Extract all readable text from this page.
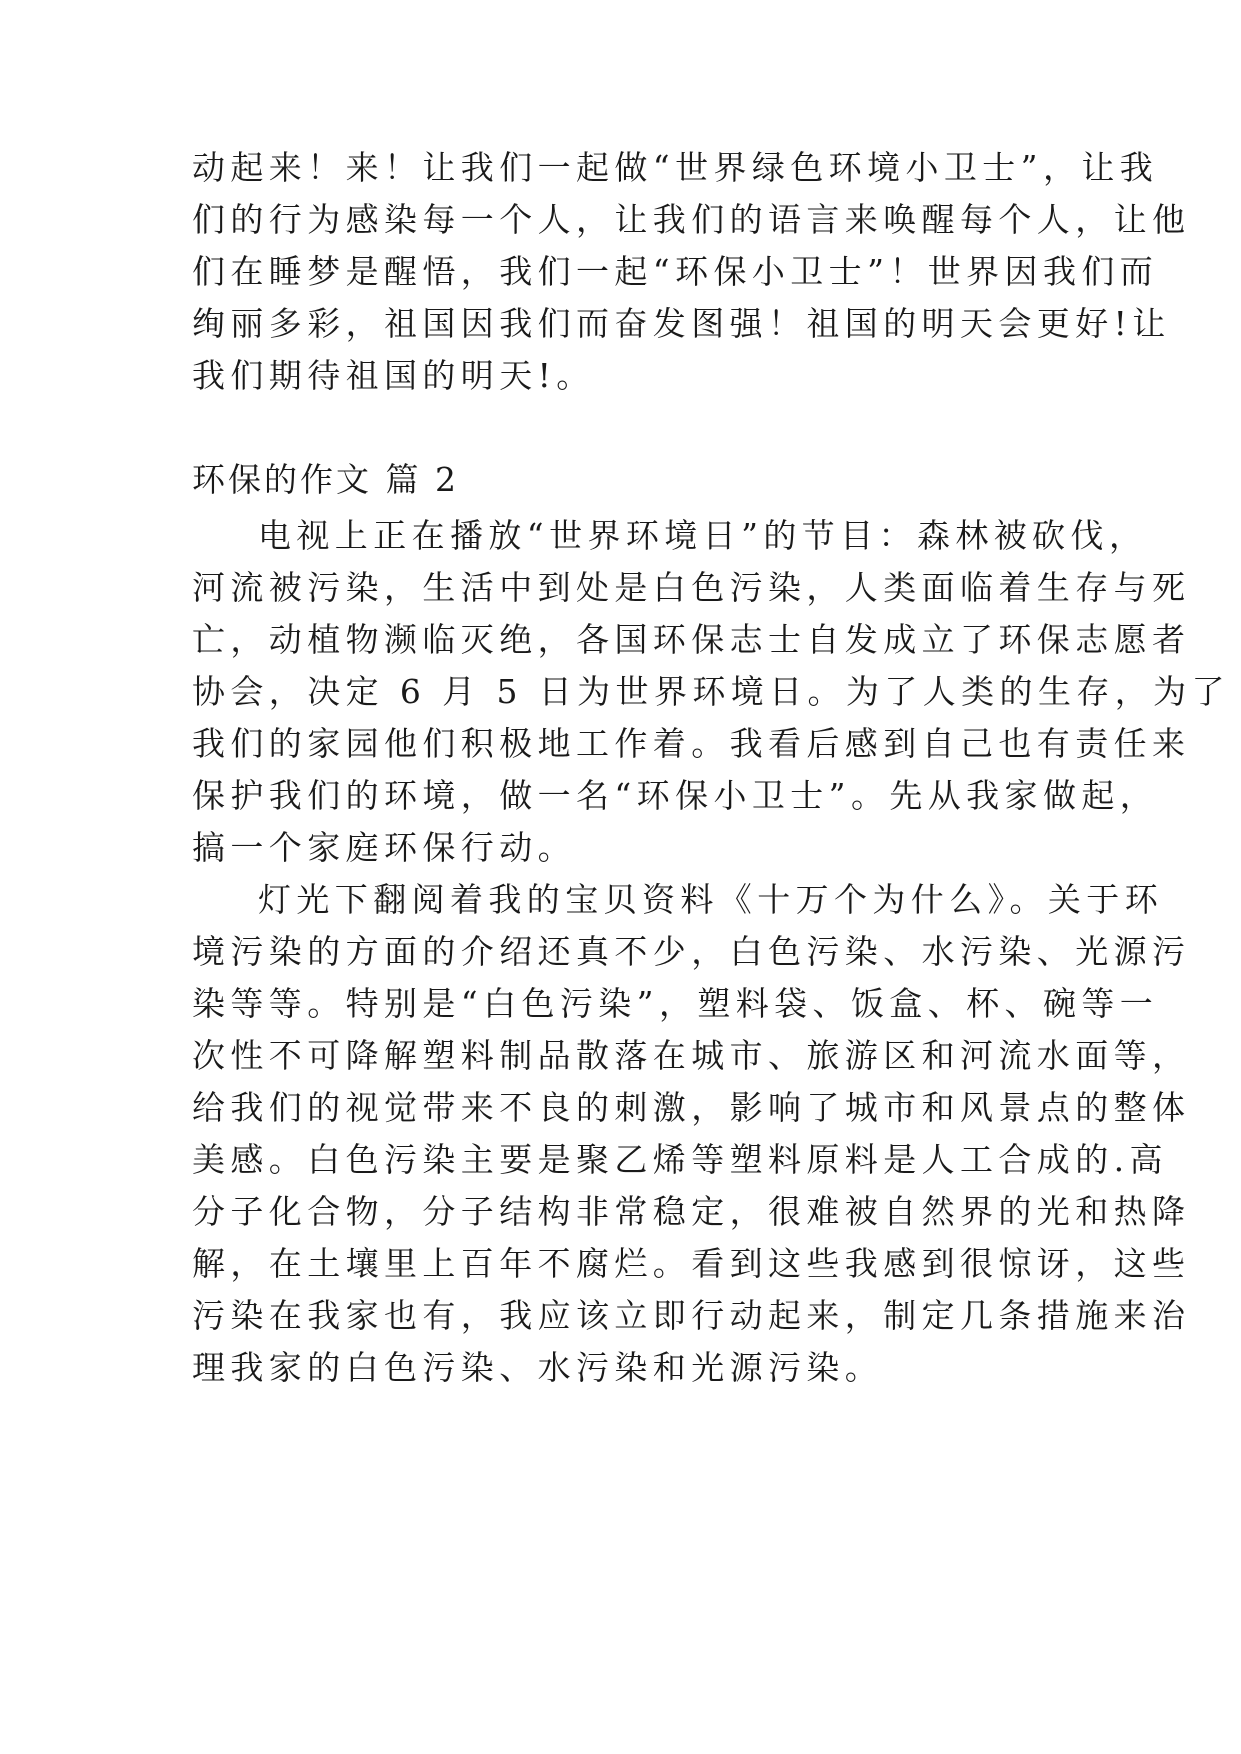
动起来！来！让我们一起做“世界绿色环境小卫士”，让我
们的行为感染每一个人，让我们的语言来唤醒每个人，让他
们在睡梦是醒悟，我们一起“环保小卫士”！世界因我们而
绚丽多彩，祖国因我们而奋发图强！祖国的明天会更好!让
我们期待祖国的明天!。
环保的作文 篇 2
电视上正在播放“世界环境日”的节目：森林被砍伐，
河流被污染，生活中到处是白色污染，人类面临着生存与死
亡，动植物濒临灭绝，各国环保志士自发成立了环保志愿者
协会，决定 6 月 5 日为世界环境日。为了人类的生存，为了
我们的家园他们积极地工作着。我看后感到自己也有责任来
保护我们的环境，做一名“环保小卫士”。先从我家做起，
搞一个家庭环保行动。
灯光下翻阅着我的宝贝资料《十万个为什么》。关于环
境污染的方面的介绍还真不少，白色污染、水污染、光源污
染等等。特别是“白色污染”，塑料袋、饭盒、杯、碗等一
次性不可降解塑料制品散落在城市、旅游区和河流水面等，
给我们的视觉带来不良的刺激，影响了城市和风景点的整体
美感。白色污染主要是聚乙烯等塑料原料是人工合成的.高
分子化合物，分子结构非常稳定，很难被自然界的光和热降
解，在土壤里上百年不腐烂。看到这些我感到很惊讶，这些
污染在我家也有，我应该立即行动起来，制定几条措施来治
理我家的白色污染、水污染和光源污染。
